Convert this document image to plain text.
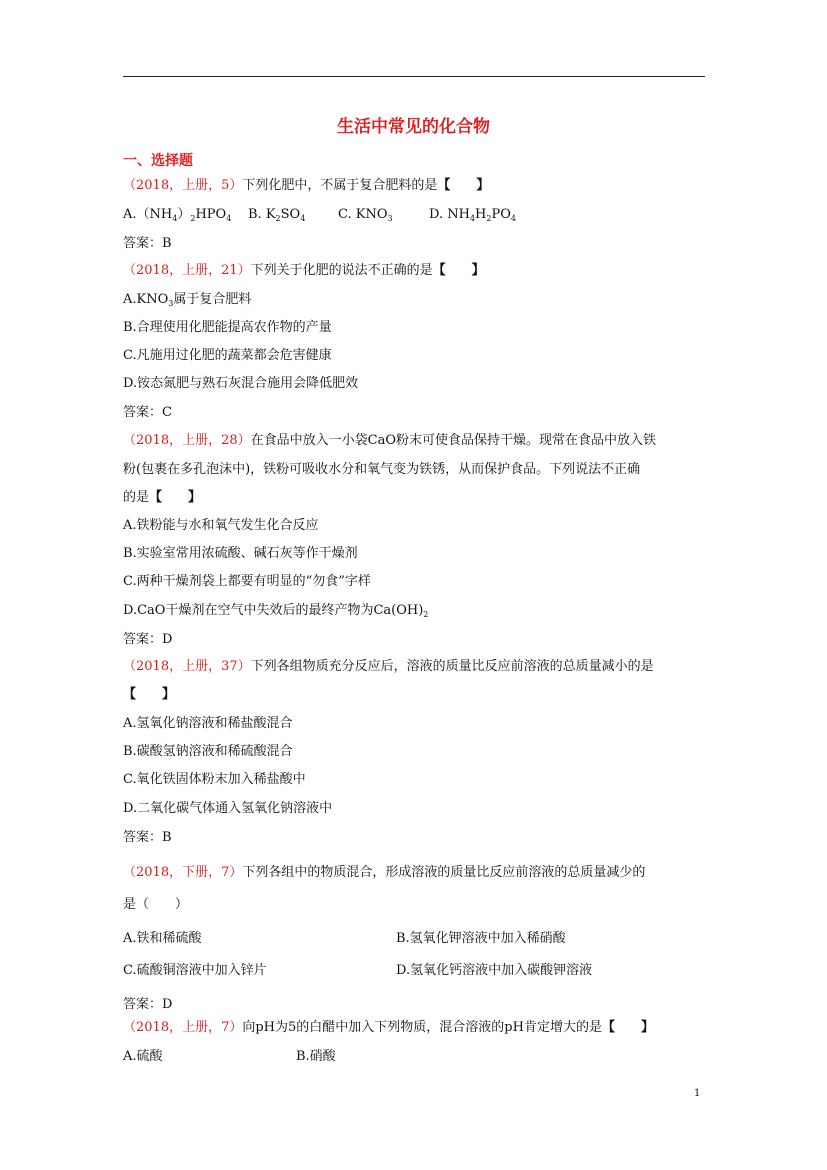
生活中常见的化合物
一、选择题
（2018，上册，5）下列化肥中，不属于复合肥料的是【　　】
$A.(NH_4)_2HPO_4$ B. $K_2SO_4$	C. $KNO_3$	D. $NH_4H_2PO_4$
答案：B
（2018，上册，21）下列关于化肥的说法不正确的是【　　】
$A.KNO_3$属于复合肥料
B.合理使用化肥能提高农作物的产量
C.凡施用过化肥的蔬菜都会危害健康
D.铵态氮肥与熟石灰混合施用会降低肥效
答案：C
（2018，上册，28）在食品中放入一小袋CaO粉末可使食品保持干燥。现常在食品中放入铁
粉(包裹在多孔泡沫中)，铁粉可吸收水分和氧气变为铁锈，从而保护食品。下列说法不正确
的是【　　】
A.铁粉能与水和氧气发生化合反应
B.实验室常用浓硫酸、碱石灰等作干燥剂
C.两种干燥剂袋上都要有明显的“勿食”字样
D.CaO干燥剂在空气中失效后的最终产物为$Ca(OH)_2$
答案：D
（2018，上册，37）下列各组物质充分反应后，溶液的质量比反应前溶液的总质量减小的是
【　　】
A.氢氧化钠溶液和稀盐酸混合
B.碳酸氢钠溶液和稀硫酸混合
C.氧化铁固体粉末加入稀盐酸中
D.二氧化碳气体通入氢氧化钠溶液中
答案：B
（2018，下册，7）下列各组中的物质混合，形成溶液的质量比反应前溶液的总质量减少的
是（　　）
A.铁和稀硫酸	B.氢氧化钾溶液中加入稀硝酸
C.硫酸铜溶液中加入锌片	D.氢氧化钙溶液中加入碳酸钾溶液
答案：D
（2018，上册，7）向pH为5的白醋中加入下列物质，混合溶液的pH肯定增大的是【　　】
A.硫酸	B.硝酸
1
